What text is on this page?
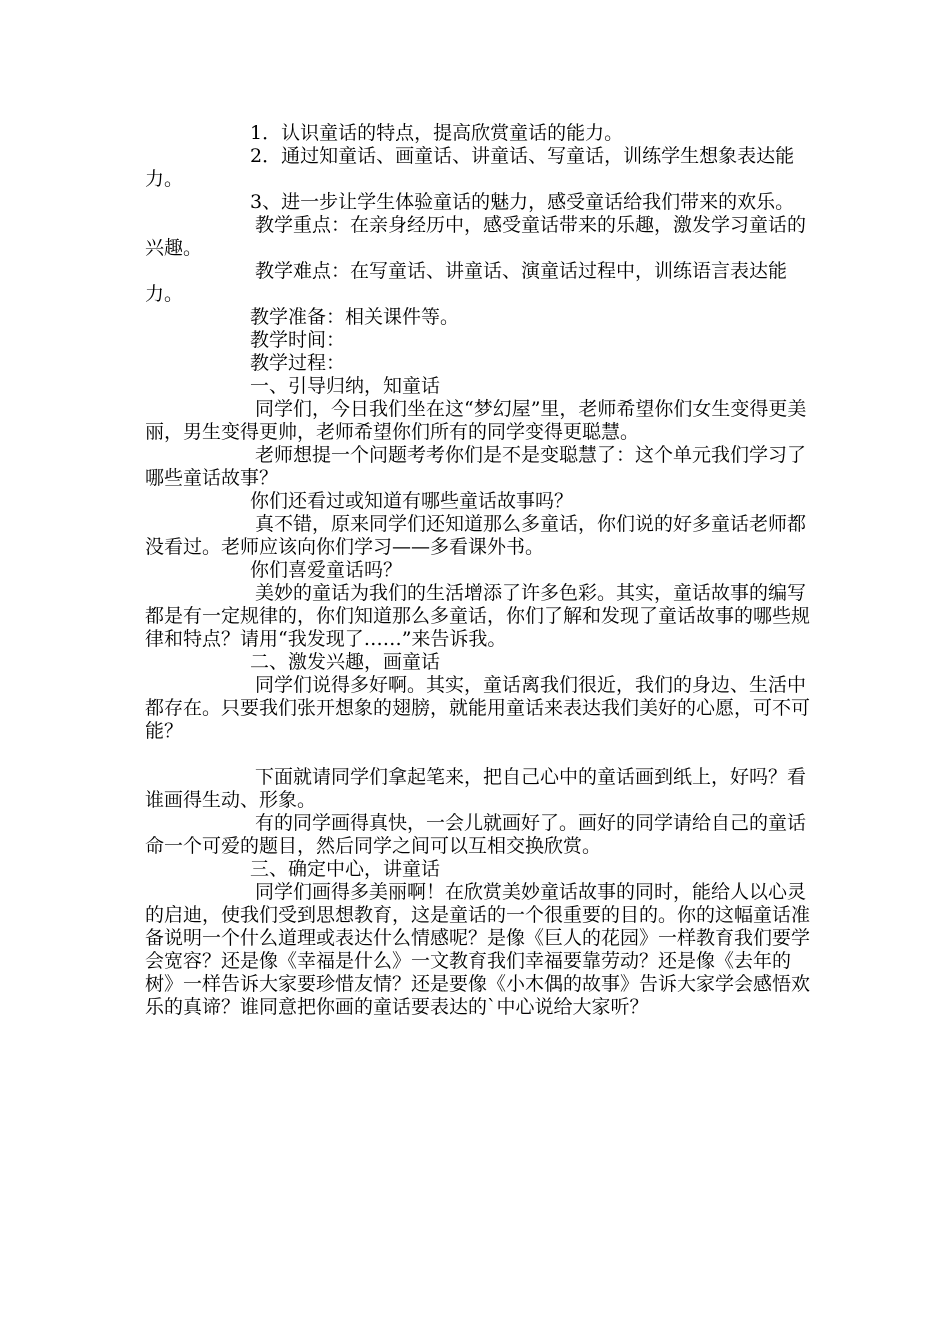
1．认识童话的特点，提高欣赏童话的能力。

2．通过知童话、画童话、讲童话、写童话，训练学生想象表达能力。

3、进一步让学生体验童话的魅力，感受童话给我们带来的欢乐。

教学重点：在亲身经历中，感受童话带来的乐趣，激发学习童话的兴趣。

教学难点：在写童话、讲童话、演童话过程中，训练语言表达能力。

教学准备：相关课件等。

教学时间：

教学过程：

一、引导归纳，知童话

同学们，今日我们坐在这“梦幻屋”里，老师希望你们女生变得更美丽，男生变得更帅，老师希望你们所有的同学变得更聪慧。

老师想提一个问题考考你们是不是变聪慧了：这个单元我们学习了哪些童话故事？

你们还看过或知道有哪些童话故事吗？

真不错，原来同学们还知道那么多童话，你们说的好多童话老师都没看过。老师应该向你们学习——多看课外书。

你们喜爱童话吗？

美妙的童话为我们的生活增添了许多色彩。其实，童话故事的编写都是有一定规律的，你们知道那么多童话，你们了解和发现了童话故事的哪些规律和特点？请用“我发现了……”来告诉我。

二、激发兴趣，画童话

同学们说得多好啊。其实，童话离我们很近，我们的身边、生活中都存在。只要我们张开想象的翅膀，就能用童话来表达我们美好的心愿，可不可能？

下面就请同学们拿起笔来，把自己心中的童话画到纸上，好吗？看谁画得生动、形象。

有的同学画得真快，一会儿就画好了。画好的同学请给自己的童话命一个可爱的题目，然后同学之间可以互相交换欣赏。

三、确定中心，讲童话

同学们画得多美丽啊！在欣赏美妙童话故事的同时，能给人以心灵的启迪，使我们受到思想教育，这是童话的一个很重要的目的。你的这幅童话准备说明一个什么道理或表达什么情感呢？是像《巨人的花园》一样教育我们要学会宽容？还是像《幸福是什么》一文教育我们幸福要靠劳动？还是像《去年的树》一样告诉大家要珍惜友情？还是要像《小木偶的故事》告诉大家学会感悟欢乐的真谛？谁同意把你画的童话要表达的`中心说给大家听？
